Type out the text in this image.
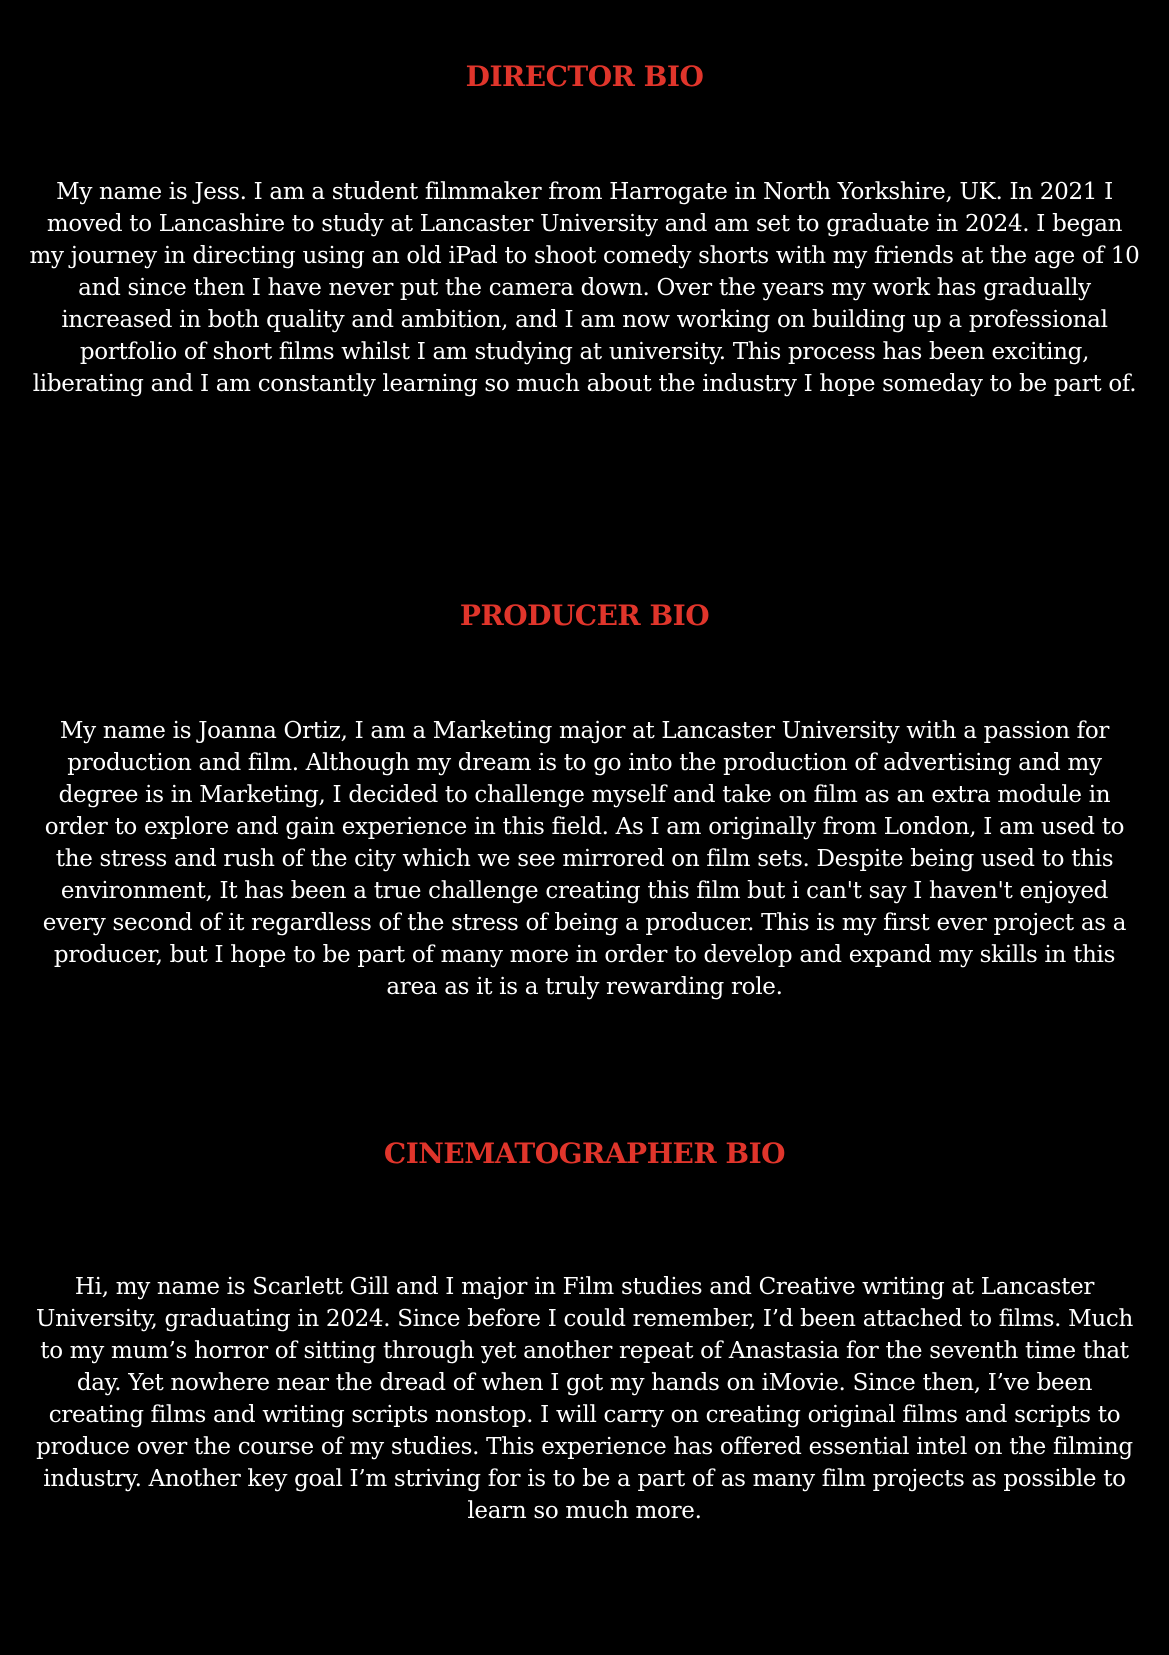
DIRECTOR BIO

My name is Jess. I am a student filmmaker from Harrogate in North Yorkshire, UK. In 2021 I moved to Lancashire to study at Lancaster University and am set to graduate in 2024. I began my journey in directing using an old iPad to shoot comedy shorts with my friends at the age of 10 and since then I have never put the camera down. Over the years my work has gradually increased in both quality and ambition, and I am now working on building up a professional portfolio of short films whilst I am studying at university. This process has been exciting, liberating and I am constantly learning so much about the industry I hope someday to be part of.

PRODUCER BIO

My name is Joanna Ortiz, I am a Marketing major at Lancaster University with a passion for production and film. Although my dream is to go into the production of advertising and my degree is in Marketing, I decided to challenge myself and take on film as an extra module in order to explore and gain experience in this field. As I am originally from London, I am used to the stress and rush of the city which we see mirrored on film sets. Despite being used to this environment, It has been a true challenge creating this film but i can't say I haven't enjoyed every second of it regardless of the stress of being a producer. This is my first ever project as a producer, but I hope to be part of many more in order to develop and expand my skills in this area as it is a truly rewarding role.

CINEMATOGRAPHER BIO

Hi, my name is Scarlett Gill and I major in Film studies and Creative writing at Lancaster University, graduating in 2024. Since before I could remember, I’d been attached to films. Much to my mum’s horror of sitting through yet another repeat of Anastasia for the seventh time that day. Yet nowhere near the dread of when I got my hands on iMovie. Since then, I’ve been creating films and writing scripts nonstop. I will carry on creating original films and scripts to produce over the course of my studies. This experience has offered essential intel on the filming industry. Another key goal I’m striving for is to be a part of as many film projects as possible to learn so much more.
